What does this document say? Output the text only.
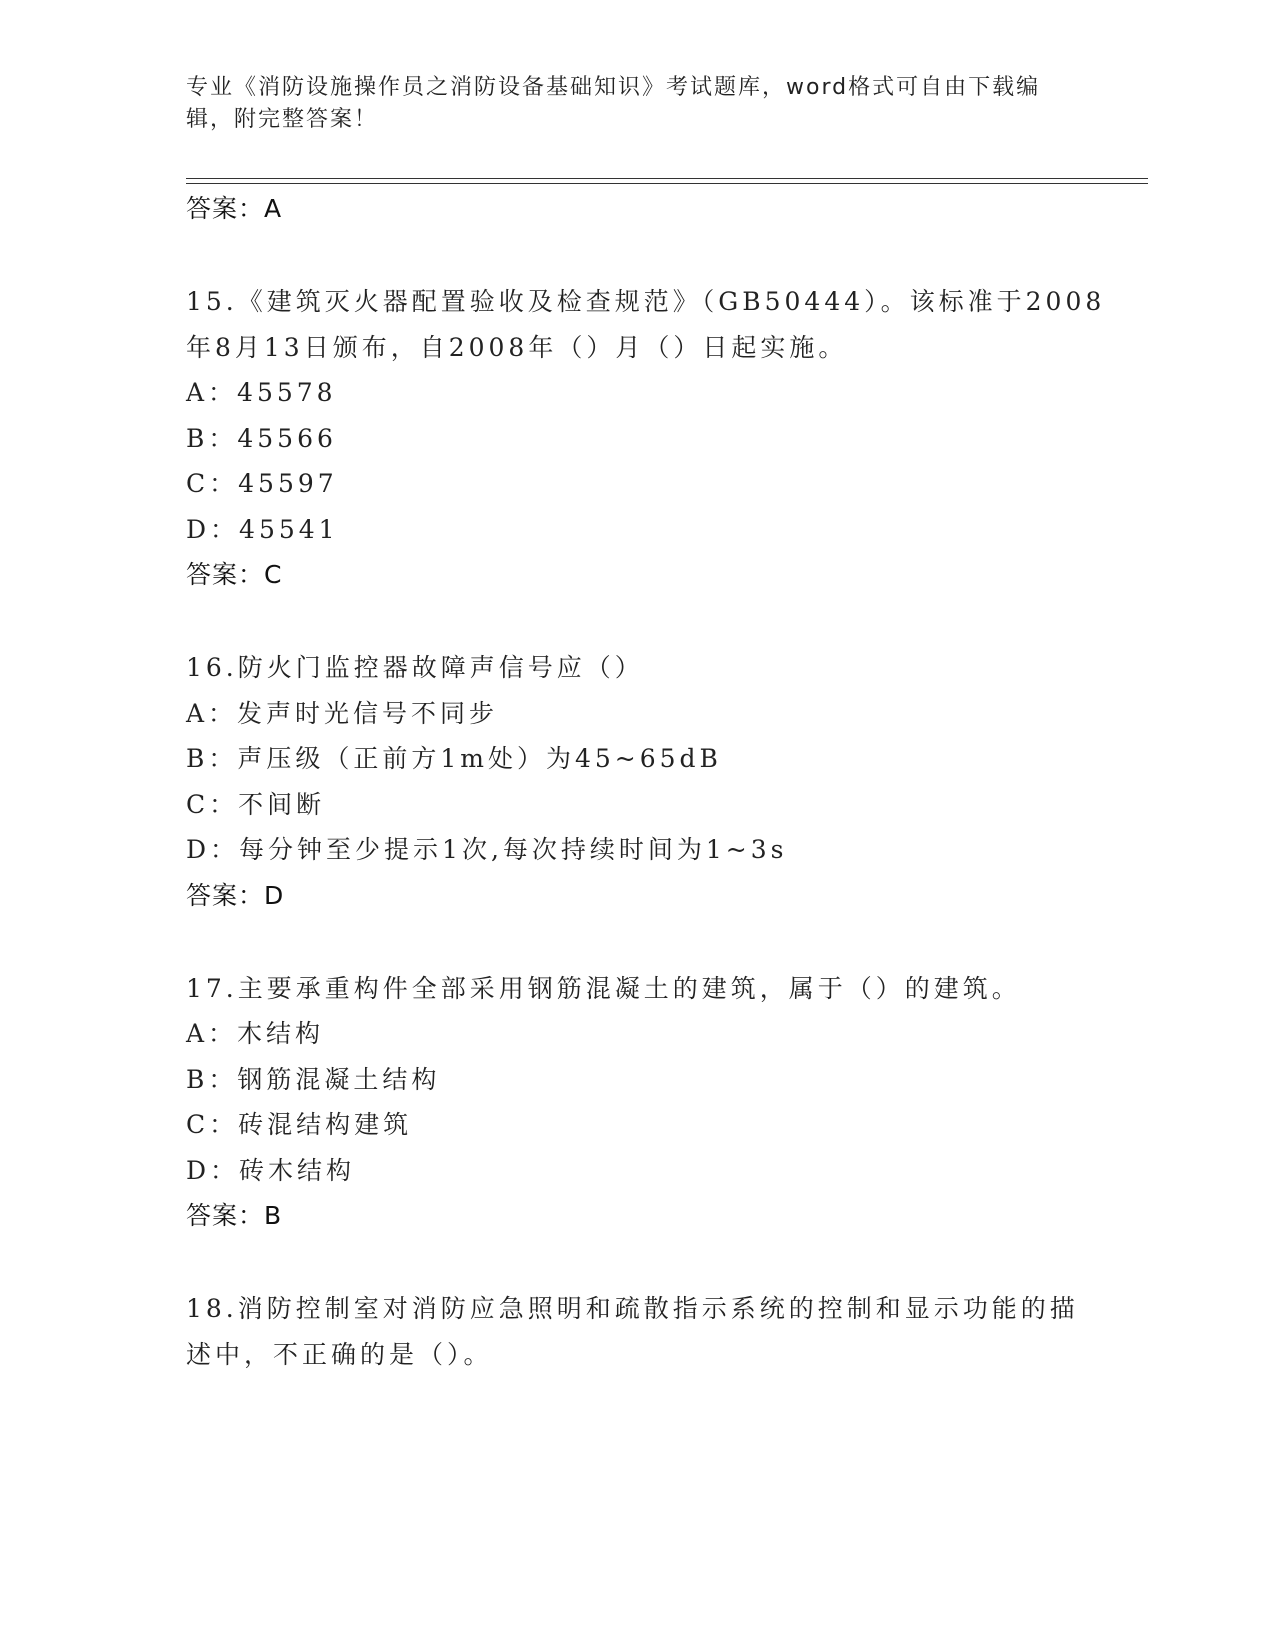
专业《消防设施操作员之消防设备基础知识》考试题库，word格式可自由下载编
辑，附完整答案！
答案：A
15.《建筑灭火器配置验收及检查规范》（GB50444）。该标准于2008
年8月13日颁布，自2008年（）月（）日起实施。
A：45578
B：45566
C：45597
D：45541
答案：C
16.防火门监控器故障声信号应（）
A：发声时光信号不同步
B：声压级（正前方1m处）为45~65dB
C：不间断
D：每分钟至少提示1次,每次持续时间为1~3s
答案：D
17.主要承重构件全部采用钢筋混凝土的建筑，属于（）的建筑。
A：木结构
B：钢筋混凝土结构
C：砖混结构建筑
D：砖木结构
答案：B
18.消防控制室对消防应急照明和疏散指示系统的控制和显示功能的描
述中，不正确的是（）。
